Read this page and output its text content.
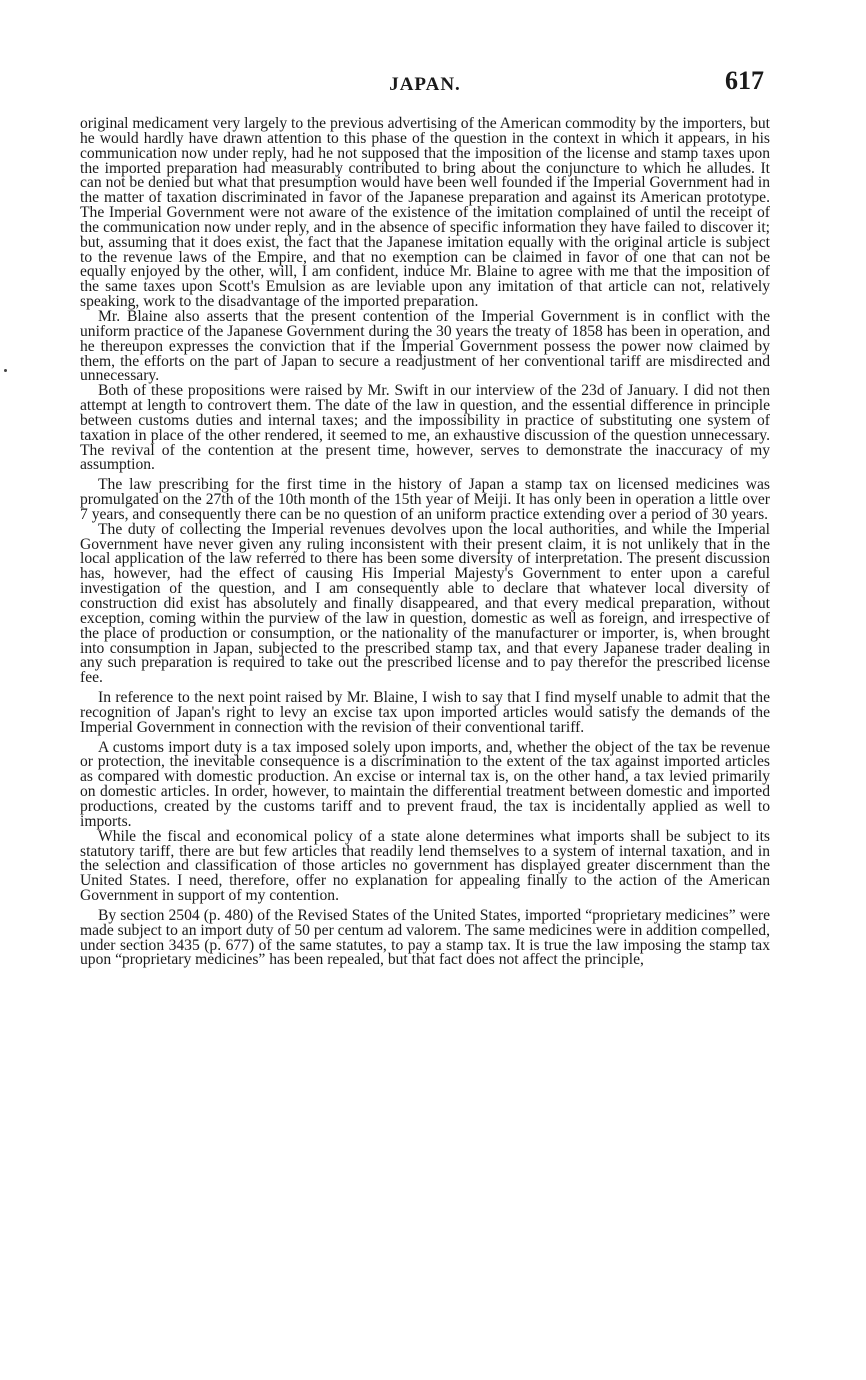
JAPAN.	617

original medicament very largely to the previous advertising of the American commodity by the importers, but he would hardly have drawn attention to this phase of the question in the context in which it appears, in his communication now under reply, had he not supposed that the imposition of the license and stamp taxes upon the imported preparation had measurably contributed to bring about the conjuncture to which he alludes. It can not be denied but what that presumption would have been well founded if the Imperial Government had in the matter of taxation discriminated in favor of the Japanese preparation and against its American prototype. The Imperial Government were not aware of the existence of the imitation complained of until the receipt of the communication now under reply, and in the absence of specific information they have failed to discover it; but, assuming that it does exist, the fact that the Japanese imitation equally with the original article is subject to the revenue laws of the Empire, and that no exemption can be claimed in favor of one that can not be equally enjoyed by the other, will, I am confident, induce Mr. Blaine to agree with me that the imposition of the same taxes upon Scott's Emulsion as are leviable upon any imitation of that article can not, relatively speaking, work to the disadvantage of the imported preparation.

Mr. Blaine also asserts that the present contention of the Imperial Government is in conflict with the uniform practice of the Japanese Government during the 30 years the treaty of 1858 has been in operation, and he thereupon expresses the conviction that if the Imperial Government possess the power now claimed by them, the efforts on the part of Japan to secure a readjustment of her conventional tariff are misdirected and unnecessary.

Both of these propositions were raised by Mr. Swift in our interview of the 23d of January. I did not then attempt at length to controvert them. The date of the law in question, and the essential difference in principle between customs duties and internal taxes; and the impossibility in practice of substituting one system of taxation in place of the other rendered, it seemed to me, an exhaustive discussion of the question unnecessary. The revival of the contention at the present time, however, serves to demonstrate the inaccuracy of my assumption.

The law prescribing for the first time in the history of Japan a stamp tax on licensed medicines was promulgated on the 27th of the 10th month of the 15th year of Meiji. It has only been in operation a little over 7 years, and consequently there can be no question of an uniform practice extending over a period of 30 years.

The duty of collecting the Imperial revenues devolves upon the local authorities, and while the Imperial Government have never given any ruling inconsistent with their present claim, it is not unlikely that in the local application of the law referred to there has been some diversity of interpretation. The present discussion has, however, had the effect of causing His Imperial Majesty's Government to enter upon a careful investigation of the question, and I am consequently able to declare that whatever local diversity of construction did exist has absolutely and finally disappeared, and that every medical preparation, without exception, coming within the purview of the law in question, domestic as well as foreign, and irrespective of the place of production or consumption, or the nationality of the manufacturer or importer, is, when brought into consumption in Japan, subjected to the prescribed stamp tax, and that every Japanese trader dealing in any such preparation is required to take out the prescribed license and to pay therefor the prescribed license fee.

In reference to the next point raised by Mr. Blaine, I wish to say that I find myself unable to admit that the recognition of Japan's right to levy an excise tax upon imported articles would satisfy the demands of the Imperial Government in connection with the revision of their conventional tariff.

A customs import duty is a tax imposed solely upon imports, and, whether the object of the tax be revenue or protection, the inevitable consequence is a discrimination to the extent of the tax against imported articles as compared with domestic production. An excise or internal tax is, on the other hand, a tax levied primarily on domestic articles. In order, however, to maintain the differential treatment between domestic and imported productions, created by the customs tariff and to prevent fraud, the tax is incidentally applied as well to imports.

While the fiscal and economical policy of a state alone determines what imports shall be subject to its statutory tariff, there are but few articles that readily lend themselves to a system of internal taxation, and in the selection and classification of those articles no government has displayed greater discernment than the United States. I need, therefore, offer no explanation for appealing finally to the action of the American Government in support of my contention.

By section 2504 (p. 480) of the Revised States of the United States, imported “proprietary medicines” were made subject to an import duty of 50 per centum ad valorem. The same medicines were in addition compelled, under section 3435 (p. 677) of the same statutes, to pay a stamp tax. It is true the law imposing the stamp tax upon “proprietary medicines” has been repealed, but that fact does not affect the principle,
